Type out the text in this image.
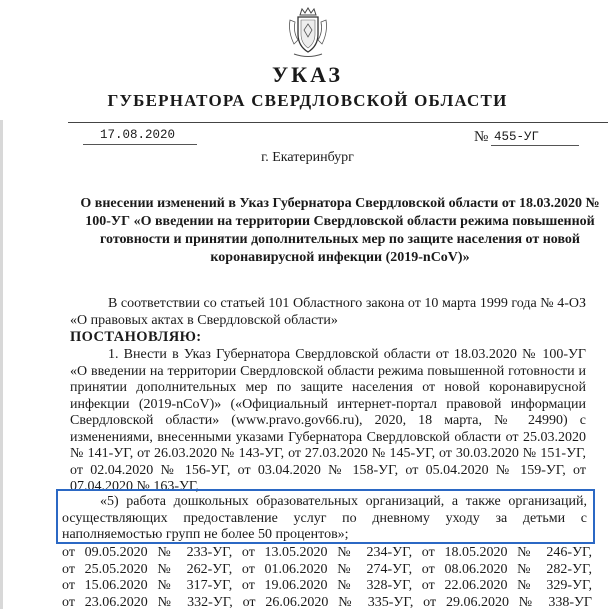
УКАЗ
ГУБЕРНАТОРА СВЕРДЛОВСКОЙ ОБЛАСТИ
17.08.2020	№ 455-УГ
г. Екатеринбург
О внесении изменений в Указ Губернатора Свердловской области от 18.03.2020 № 100-УГ «О введении на территории Свердловской области режима повышенной готовности и принятии дополнительных мер по защите населения от новой коронавирусной инфекции (2019-nCoV)»
В соответствии со статьей 101 Областного закона от 10 марта 1999 года № 4-ОЗ «О правовых актах в Свердловской области»
ПОСТАНОВЛЯЮ:
1. Внести в Указ Губернатора Свердловской области от 18.03.2020 № 100-УГ «О введении на территории Свердловской области режима повышенной готовности и принятии дополнительных мер по защите населения от новой коронавирусной инфекции (2019-nCoV)» («Официальный интернет-портал правовой информации Свердловской области» (www.pravo.gov66.ru), 2020, 18 марта, № 24990) с изменениями, внесенными указами Губернатора Свердловской области от 25.03.2020 № 141-УГ, от 26.03.2020 № 143-УГ, от 27.03.2020 № 145-УГ, от 30.03.2020 № 151-УГ, от 02.04.2020 № 156-УГ, от 03.04.2020 № 158-УГ, от 05.04.2020 № 159-УГ, от 07.04.2020 № 163-УГ,
«5) работа дошкольных образовательных организаций, а также организаций, осуществляющих предоставление услуг по дневному уходу за детьми с наполняемостью групп не более 50 процентов»;
от 09.05.2020 № 233-УГ, от 13.05.2020 № 234-УГ, от 18.05.2020 № 246-УГ,
от 25.05.2020 № 262-УГ, от 01.06.2020 № 274-УГ, от 08.06.2020 № 282-УГ,
от 15.06.2020 № 317-УГ, от 19.06.2020 № 328-УГ, от 22.06.2020 № 329-УГ,
от 23.06.2020 № 332-УГ, от 26.06.2020 № 335-УГ, от 29.06.2020 № 338-УГ
